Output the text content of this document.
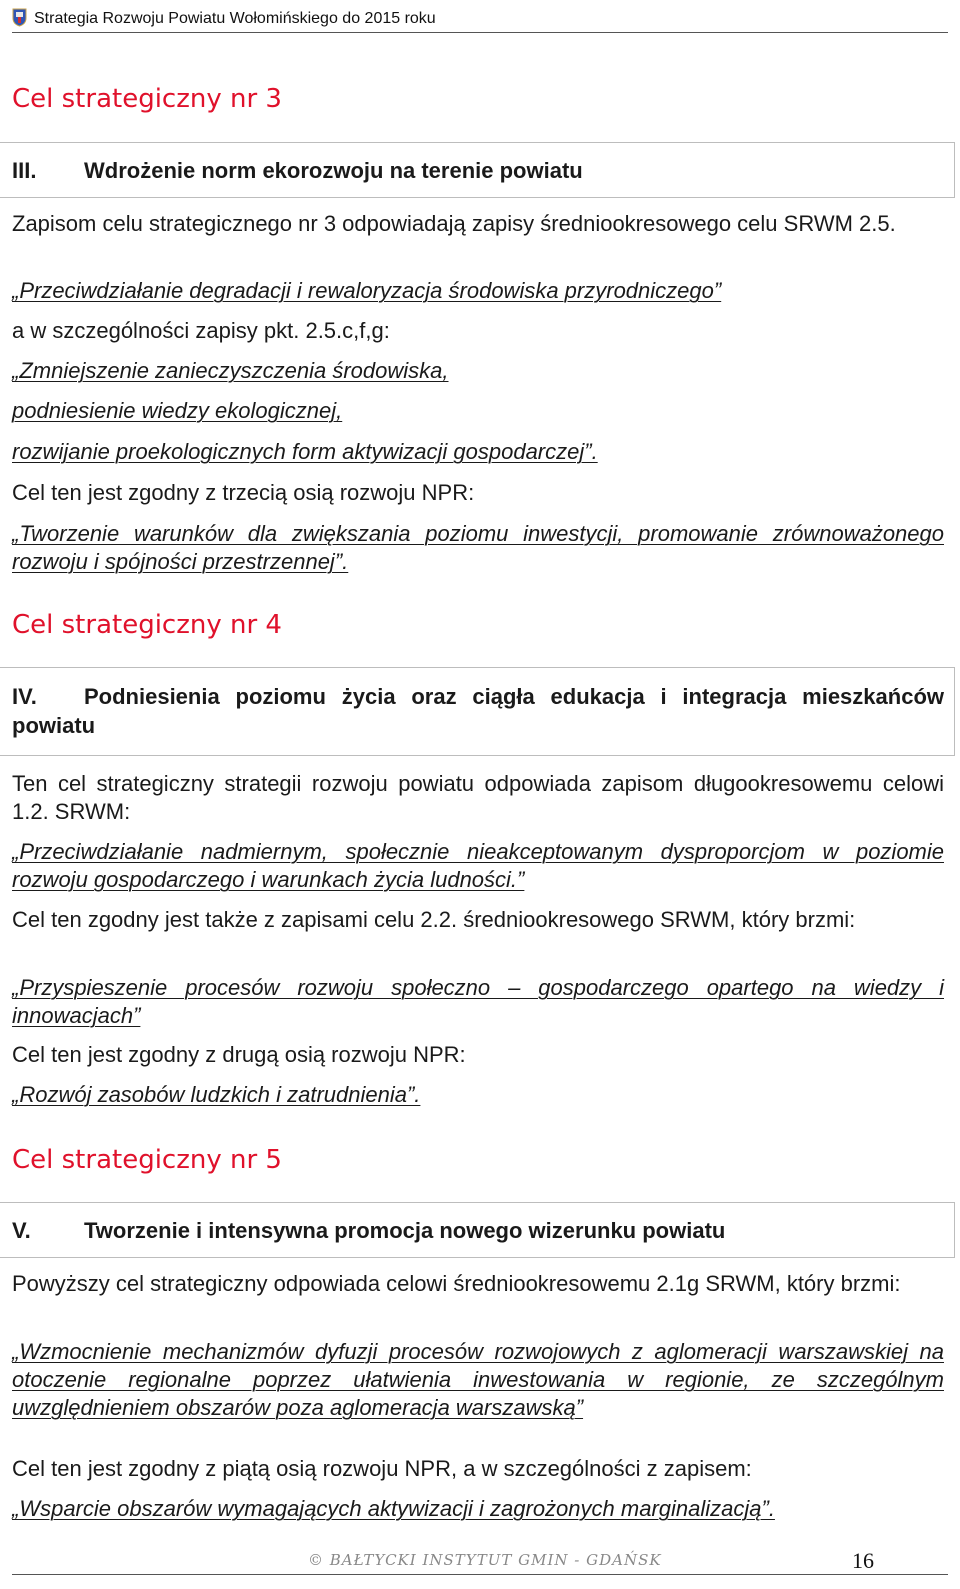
Strategia Rozwoju Powiatu Wołomińskiego do 2015 roku
Cel strategiczny nr 3
III. Wdrożenie norm ekorozwoju na terenie powiatu
Zapisom celu strategicznego nr 3 odpowiadają zapisy średniookresowego celu SRWM 2.5.
„Przeciwdziałanie degradacji i rewaloryzacja środowiska przyrodniczego”
a w szczególności zapisy pkt. 2.5.c,f,g:
„Zmniejszenie zanieczyszczenia środowiska,
podniesienie wiedzy ekologicznej,
rozwijanie proekologicznych form aktywizacji gospodarczej”.
Cel ten jest zgodny z trzecią osią rozwoju NPR:
„Tworzenie warunków dla zwiększania poziomu inwestycji, promowanie zrównoważonego rozwoju i spójności przestrzennej”.
Cel strategiczny nr 4
IV. Podniesienia poziomu życia oraz ciągła edukacja i integracja mieszkańców powiatu
Ten cel strategiczny strategii rozwoju powiatu odpowiada zapisom długookresowemu celowi 1.2. SRWM:
„Przeciwdziałanie nadmiernym, społecznie nieakceptowanym dysproporcjom w poziomie rozwoju gospodarczego i warunkach życia ludności.”
Cel ten zgodny jest także z zapisami celu 2.2. średniookresowego SRWM, który brzmi:
„Przyspieszenie procesów rozwoju społeczno – gospodarczego opartego na wiedzy i innowacjach”
Cel ten jest zgodny z drugą osią rozwoju NPR:
„Rozwój zasobów ludzkich i zatrudnienia”.
Cel strategiczny nr 5
V. Tworzenie i intensywna promocja nowego wizerunku powiatu
Powyższy cel strategiczny odpowiada celowi średniookresowemu 2.1g SRWM, który brzmi:
„Wzmocnienie mechanizmów dyfuzji procesów rozwojowych z aglomeracji warszawskiej na otoczenie regionalne poprzez ułatwienia inwestowania w regionie, ze szczególnym uwzględnieniem obszarów poza aglomeracja warszawską”
Cel ten jest zgodny z piątą osią rozwoju NPR, a w szczególności z zapisem:
„Wsparcie obszarów wymagających aktywizacji i zagrożonych marginalizacją”.
© BAŁTYCKI INSTYTUT GMIN - GDAŃSK	16
